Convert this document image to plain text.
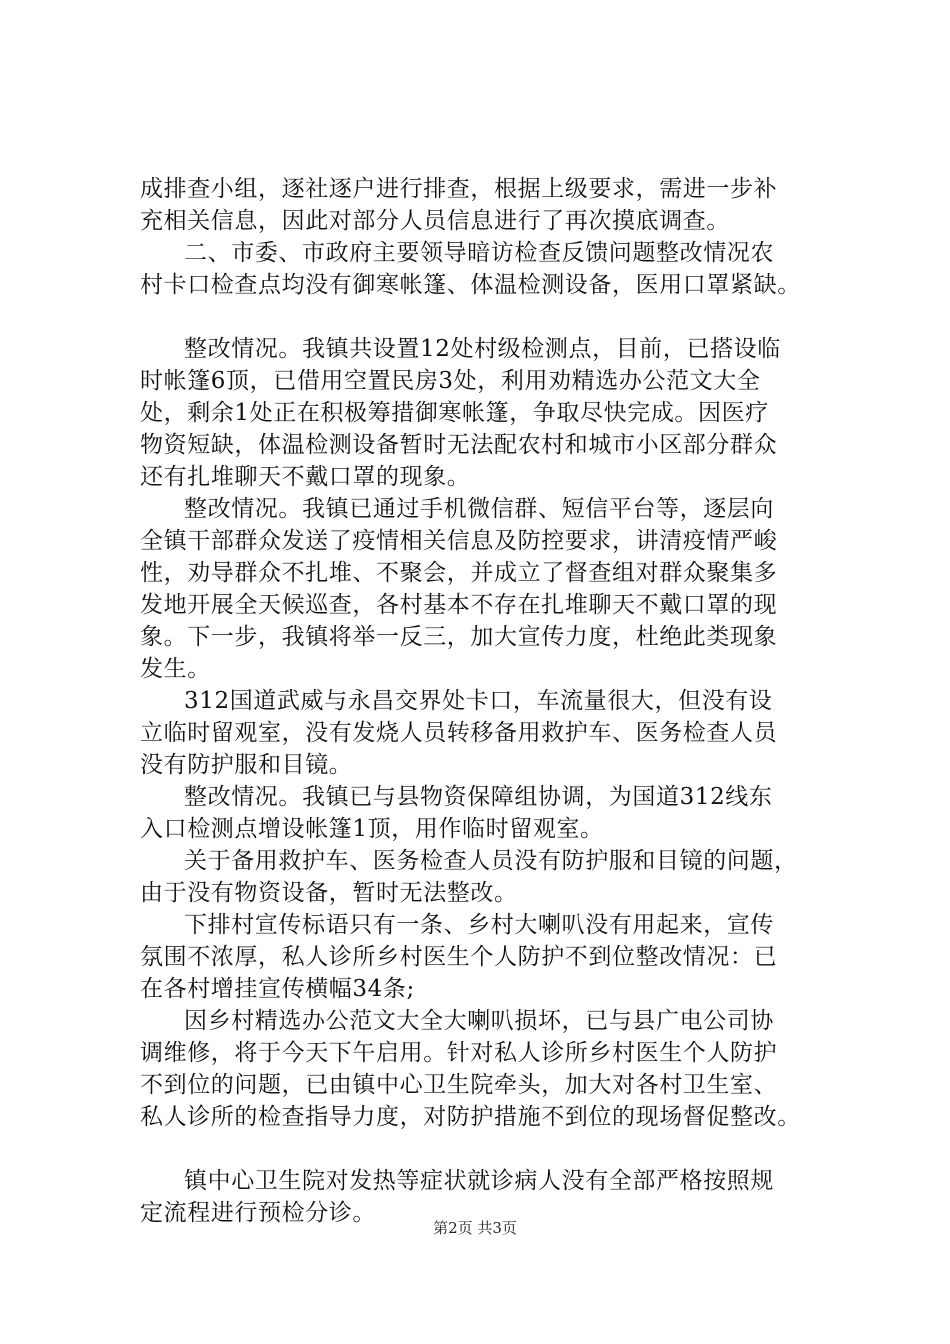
成排查小组，逐社逐户进行排查，根据上级要求，需进一步补
充相关信息，因此对部分人员信息进行了再次摸底调查。
二、市委、市政府主要领导暗访检查反馈问题整改情况农
村卡口检查点均没有御寒帐篷、体温检测设备，医用口罩紧缺。
整改情况。我镇共设置12处村级检测点，目前，已搭设临
时帐篷6顶，已借用空置民房3处，利用劝精选办公范文大全
处，剩余1处正在积极筹措御寒帐篷，争取尽快完成。因医疗
物资短缺，体温检测设备暂时无法配农村和城市小区部分群众
还有扎堆聊天不戴口罩的现象。
整改情况。我镇已通过手机微信群、短信平台等，逐层向
全镇干部群众发送了疫情相关信息及防控要求，讲清疫情严峻
性，劝导群众不扎堆、不聚会，并成立了督查组对群众聚集多
发地开展全天候巡查，各村基本不存在扎堆聊天不戴口罩的现
象。下一步，我镇将举一反三，加大宣传力度，杜绝此类现象
发生。
312国道武威与永昌交界处卡口，车流量很大，但没有设
立临时留观室，没有发烧人员转移备用救护车、医务检查人员
没有防护服和目镜。
整改情况。我镇已与县物资保障组协调，为国道312线东
入口检测点增设帐篷1顶，用作临时留观室。
关于备用救护车、医务检查人员没有防护服和目镜的问题，
由于没有物资设备，暂时无法整改。
下排村宣传标语只有一条、乡村大喇叭没有用起来，宣传
氛围不浓厚，私人诊所乡村医生个人防护不到位整改情况：已
在各村增挂宣传横幅34条;
因乡村精选办公范文大全大喇叭损坏，已与县广电公司协
调维修，将于今天下午启用。针对私人诊所乡村医生个人防护
不到位的问题，已由镇中心卫生院牵头，加大对各村卫生室、
私人诊所的检查指导力度，对防护措施不到位的现场督促整改。
镇中心卫生院对发热等症状就诊病人没有全部严格按照规
定流程进行预检分诊。
第2页 共3页
